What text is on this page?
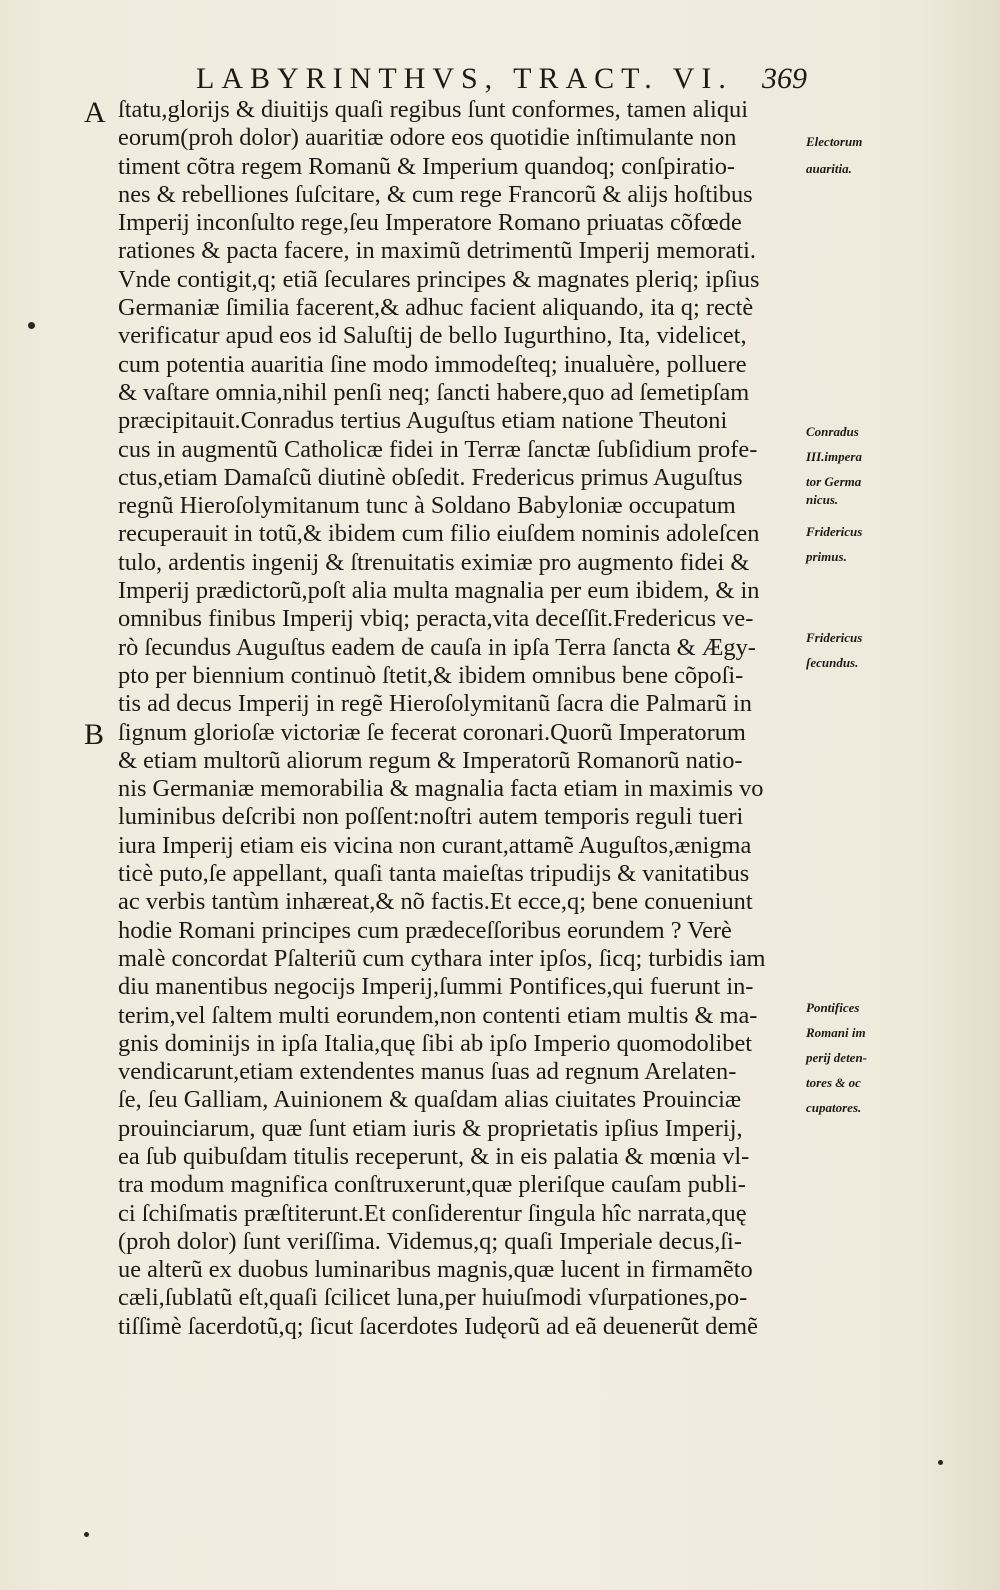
LABYRINTHVS, TRACT. VI. 369
A
B
ſtatu,glorijs & diuitijs quaſi regibus ſunt conformes, tamen aliqui
eorum(proh dolor) auaritiæ odore eos quotidie inſtimulante non
timent cõtra regem Romanũ & Imperium quandoq; conſpiratio-
nes & rebelliones ſuſcitare, & cum rege Francorũ & alijs hoſtibus
Imperij inconſulto rege,ſeu Imperatore Romano priuatas cõfœde
rationes & pacta facere, in maximũ detrimentũ Imperij memorati.
Vnde contigit,q; etiã ſeculares principes & magnates pleriq; ipſius
Germaniæ ſimilia facerent,& adhuc facient aliquando, ita q; rectè
verificatur apud eos id Saluſtij de bello Iugurthino, Ita, videlicet,
cum potentia auaritia ſine modo immodeſteq; inualuère, polluere
& vaſtare omnia,nihil penſi neq; ſancti habere,quo ad ſemetipſam
præcipitauit.Conradus tertius Auguſtus etiam natione Theutoni
cus in augmentũ Catholicæ fidei in Terræ ſanctæ ſubſidium profe-
ctus,etiam Damaſcũ diutinè obſedit. Fredericus primus Auguſtus
regnũ Hieroſolymitanum tunc à Soldano Babyloniæ occupatum
recuperauit in totũ,& ibidem cum filio eiuſdem nominis adoleſcen
tulo, ardentis ingenij & ſtrenuitatis eximiæ pro augmento fidei &
Imperij prædictorũ,poſt alia multa magnalia per eum ibidem, & in
omnibus finibus Imperij vbiq; peracta,vita deceſſit.Fredericus ve-
rò ſecundus Auguſtus eadem de cauſa in ipſa Terra ſancta & Ægy-
pto per biennium continuò ſtetit,& ibidem omnibus bene cõpoſi-
tis ad decus Imperij in regẽ Hieroſolymitanũ ſacra die Palmarũ in
ſignum glorioſæ victoriæ ſe fecerat coronari.Quorũ Imperatorum
& etiam multorũ aliorum regum & Imperatorũ Romanorũ natio-
nis Germaniæ memorabilia & magnalia facta etiam in maximis vo
luminibus deſcribi non poſſent:noſtri autem temporis reguli tueri
iura Imperij etiam eis vicina non curant,attamẽ Auguſtos,ænigma
ticè puto,ſe appellant, quaſi tanta maieſtas tripudijs & vanitatibus
ac verbis tantùm inhæreat,& nõ factis.Et ecce,q; bene conueniunt
hodie Romani principes cum prædeceſſoribus eorundem ? Verè
malè concordat Pſalteriũ cum cythara inter ipſos, ſicq; turbidis iam
diu manentibus negocijs Imperij,ſummi Pontifices,qui fuerunt in-
terim,vel ſaltem multi eorundem,non contenti etiam multis & ma-
gnis dominijs in ipſa Italia,quę ſibi ab ipſo Imperio quomodolibet
vendicarunt,etiam extendentes manus ſuas ad regnum Arelaten-
ſe, ſeu Galliam, Auinionem & quaſdam alias ciuitates Prouinciæ
prouinciarum, quæ ſunt etiam iuris & proprietatis ipſius Imperij,
ea ſub quibuſdam titulis receperunt, & in eis palatia & mœnia vl-
tra modum magnifica conſtruxerunt,quæ pleriſque cauſam publi-
ci ſchiſmatis præſtiterunt.Et conſiderentur ſingula hîc narrata,quę
(proh dolor) ſunt veriſſima. Videmus,q; quaſi Imperiale decus,ſi-
ue alterũ ex duobus luminaribus magnis,quæ lucent in firmamẽto
cæli,ſublatũ eſt,quaſi ſcilicet luna,per huiuſmodi vſurpationes,po-
tiſſimè ſacerdotũ,q; ſicut ſacerdotes Iudęorũ ad eã deuenerũt demẽ
Electorum
auaritia.
Conradus
III.impera
tor Germa
nicus.
Fridericus
primus.
Fridericus
ſecundus.
Pontifices
Romani im
perij deten-
tores & oc
cupatores.
